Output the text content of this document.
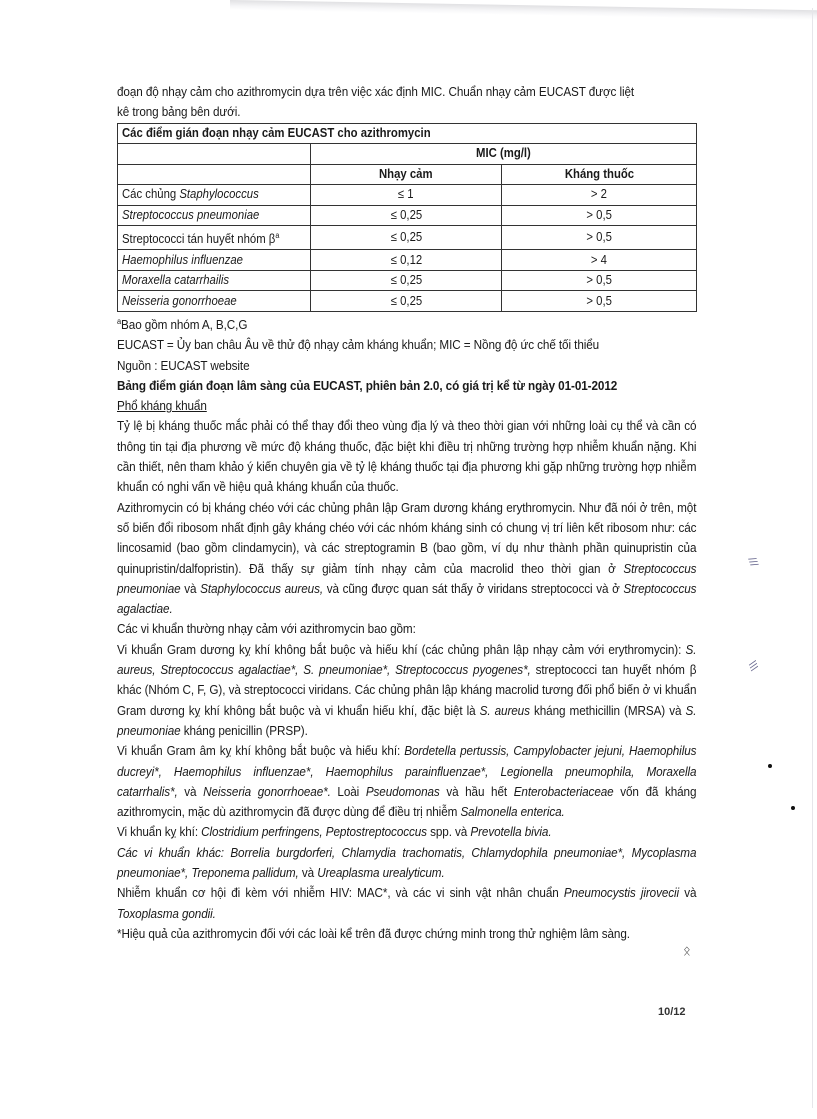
đoạn độ nhạy cảm cho azithromycin dựa trên việc xác định MIC. Chuẩn nhạy cảm EUCAST được liệt

kê trong bảng bên dưới.

Các điểm gián đoạn nhạy cảm EUCAST cho azithromycin		
	MIC (mg/l)	
	Nhạy cảm	Kháng thuốc
Các chủng Staphylococcus	≤ 1	> 2
Streptococcus pneumoniae	≤ 0,25	> 0,5
Streptococci tán huyết nhóm $\beta^a$	≤ 0,25	> 0,5
Haemophilus influenzae	≤ 0,12	> 4
Moraxella catarrhailis	≤ 0,25	> 0,5
Neisseria gonorrhoeae	≤ 0,25	> 0,5

$^a$Bao gồm nhóm A, B,C,G

EUCAST = Ủy ban châu Âu về thử độ nhạy cảm kháng khuẩn; MIC = Nồng độ ức chế tối thiểu

Nguồn : EUCAST website

Bảng điểm gián đoạn lâm sàng của EUCAST, phiên bản 2.0, có giá trị kể từ ngày 01-01-2012

Phổ kháng khuẩn

Tỷ lệ bị kháng thuốc mắc phải có thể thay đổi theo vùng địa lý và theo thời gian với những loài cụ thể và cần có thông tin tại địa phương về mức độ kháng thuốc, đặc biệt khi điều trị những trường hợp nhiễm khuẩn nặng. Khi cần thiết, nên tham khảo ý kiến chuyên gia về tỷ lệ kháng thuốc tại địa phương khi gặp những trường hợp nhiễm khuẩn có nghi vấn về hiệu quả kháng khuẩn của thuốc.

Azithromycin có bị kháng chéo với các chủng phân lập Gram dương kháng erythromycin. Như đã nói ở trên, một số biến đổi ribosom nhất định gây kháng chéo với các nhóm kháng sinh có chung vị trí liên kết ribosom như: các lincosamid (bao gồm clindamycin), và các streptogramin B (bao gồm, ví dụ như thành phần quinupristin của quinupristin/dalfopristin). Đã thấy sự giảm tính nhạy cảm của macrolid theo thời gian ở Streptococcus pneumoniae và Staphylococcus aureus, và cũng được quan sát thấy ở viridans streptococci và ở Streptococcus agalactiae.

Các vi khuẩn thường nhạy cảm với azithromycin bao gồm:

Vi khuẩn Gram dương kỵ khí không bắt buộc và hiếu khí (các chủng phân lập nhạy cảm với erythromycin): S. aureus, Streptococcus agalactiae*, S. pneumoniae*, Streptococcus pyogenes*, streptococci tan huyết nhóm β khác (Nhóm C, F, G), và streptococci viridans. Các chủng phân lập kháng macrolid tương đối phổ biến ở vi khuẩn Gram dương kỵ khí không bắt buộc và vi khuẩn hiếu khí, đặc biệt là S. aureus kháng methicillin (MRSA) và S. pneumoniae kháng penicillin (PRSP).

Vi khuẩn Gram âm kỵ khí không bắt buộc và hiếu khí: Bordetella pertussis, Campylobacter jejuni, Haemophilus ducreyi*, Haemophilus influenzae*, Haemophilus parainfluenzae*, Legionella pneumophila, Moraxella catarrhalis*, và Neisseria gonorrhoeae*. Loài Pseudomonas và hầu hết Enterobacteriaceae vốn đã kháng azithromycin, mặc dù azithromycin đã được dùng để điều trị nhiễm Salmonella enterica.

Vi khuẩn kỵ khí: Clostridium perfringens, Peptostreptococcus spp. và Prevotella bivia.

Các vi khuẩn khác: Borrelia burgdorferi, Chlamydia trachomatis, Chlamydophila pneumoniae*, Mycoplasma pneumoniae*, Treponema pallidum, và Ureaplasma urealyticum.

Nhiễm khuẩn cơ hội đi kèm với nhiễm HIV: MAC*, và các vi sinh vật nhân chuẩn Pneumocystis jirovecii và Toxoplasma gondii.

*Hiệu quả của azithromycin đối với các loài kể trên đã được chứng minh trong thử nghiệm lâm sàng.

///
\\\
ᛟ
10/12
